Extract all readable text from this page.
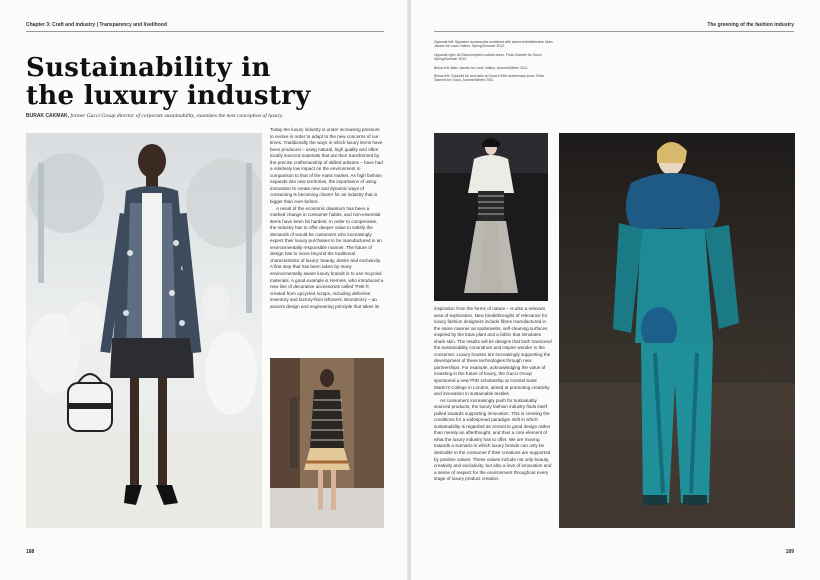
Chapter 3: Craft and industry | Transparency and livelihood
Sustainability in
the luxury industry
BURAK CAKMAK, former Gucci Group director of corporate sustainability, examines the next conception of luxury.

Today the luxury industry is under increasing pressure to evolve in order to adapt to the new concerns of our times. Traditionally the ways in which luxury items have been produced – using natural, high quality and often locally sourced materials that are then transformed by the precise craftsmanship of skilled artisans – have had a relatively low impact on the environment in comparison to that of the mass market. As high fashion expands into new territories, the importance of using innovation to create new and dynamic ways of consuming is becoming clearer for an industry that is bigger than ever before.

A result of the economic downturn has been a marked change in consumer habits, and non-essential items have been hit hardest. In order to compensate, the industry has to offer deeper value to satisfy the demands of would-be customers who increasingly expect their luxury purchases to be manufactured in an environmentally responsible manner. The future of design has to move beyond the traditional characteristics of luxury: beauty, desire and exclusivity. A first step that has been taken by many environmentally aware luxury brands is to use recycled materials. A good example is Hermès, who introduced a new line of decorative accessories called 'Petit h', created from upcycled scraps, including defective inventory and factory-floor leftovers. Biomimicry – an ancient design and engineering principle that takes its

188
The greening of the fashion industry
189
Opposite left: Signature accessories combined with sweet embellishment. Marc Jacobs for Louis Vuitton, Spring/Summer 2012.
Opposite right: All Stars-inspired cocktail dress, Frida Giannini for Gucci, Spring/Summer 2012.
Below left: Marc Jacobs for Louis Vuitton, Autumn/Winter 2011.
Below left: Colourful fur and satin at Gucci's 90th anniversary show. Frida Giannini for Gucci, Autumn/Winter 2011.

inspiration from the forms of nature – is also a relevant area of exploration. New breakthroughs of relevance for luxury fashion designers include fibres manufactured in the same manner as spiderwebs, self-cleaning surfaces inspired by the lotus plant and a fabric that simulates shark skin. The results will be designs that both transcend the sustainability conundrum and inspire wonder in the consumer. Luxury houses are increasingly supporting the development of these technologies through new partnerships. For example, acknowledging the value of investing in the future of luxury, the Gucci Group sponsored a new PhD scholarship at Central Saint Martin's College in London, aimed at promoting creativity and innovation in sustainable textiles.

As consumers increasingly push for sustainably sourced products, the luxury fashion industry finds itself pulled towards supporting innovation. This is creating the conditions for a widespread paradigm shift in which sustainability is regarded as central to good design rather than merely an afterthought, and thus a core element of what the luxury industry has to offer. We are moving towards a scenario in which luxury brands can only be desirable to the consumer if their creations are supported by positive values. These values include not only beauty, creativity and exclusivity, but also a love of innovation and a sense of respect for the environment throughout every stage of luxury product creation.
